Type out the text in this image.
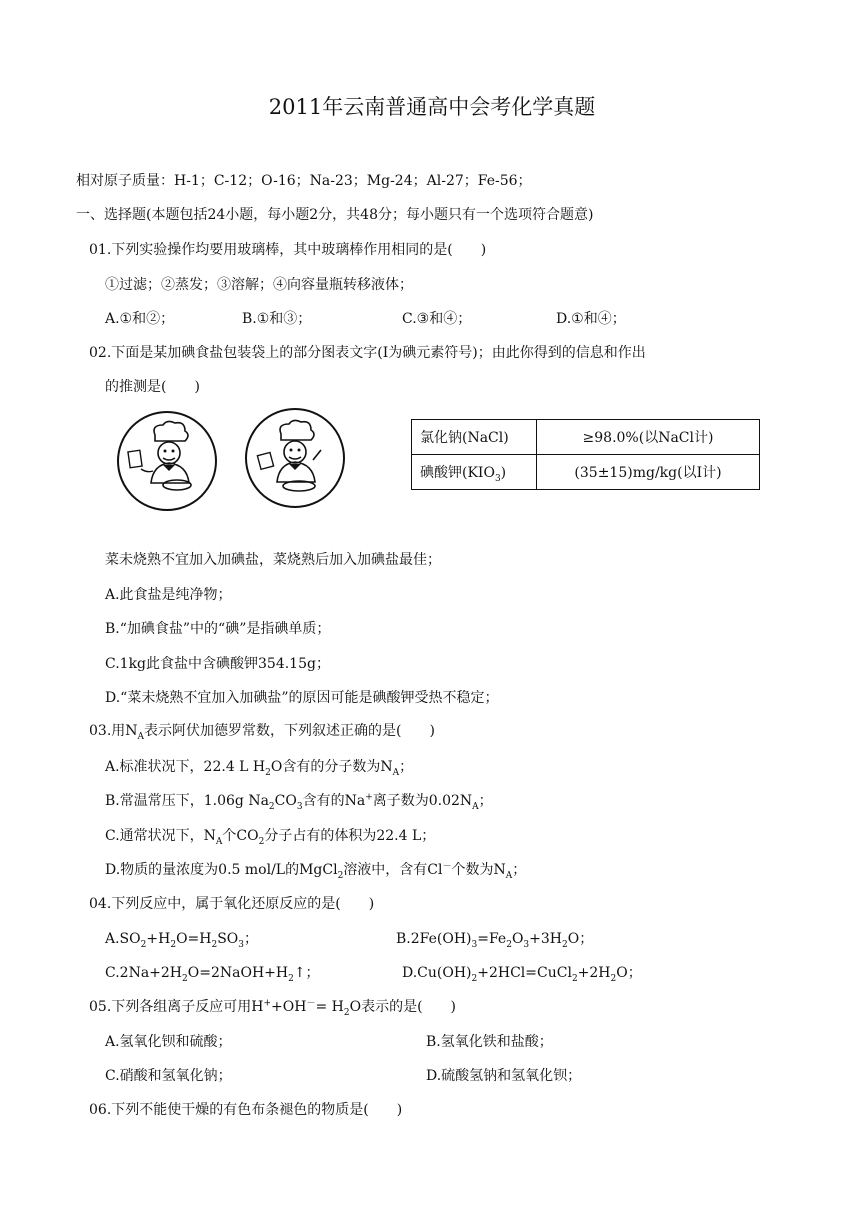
2011年云南普通高中会考化学真题
相对原子质量：H-1；C-12；O-16；Na-23；Mg-24；Al-27；Fe-56；
一、选择题(本题包括24小题，每小题2分，共48分；每小题只有一个选项符合题意)
01.下列实验操作均要用玻璃棒，其中玻璃棒作用相同的是(　　)
①过滤；②蒸发；③溶解；④向容量瓶转移液体；
A.①和②；	B.①和③；	C.③和④；	D.①和④；
02.下面是某加碘食盐包装袋上的部分图表文字(I为碘元素符号)；由此你得到的信息和作出
的推测是(　　)
氯化钠(NaCl)	≥98.0%(以NaCl计)
碘酸钾$(KIO_3)$	(35±15)mg/kg(以I计)
菜未烧熟不宜加入加碘盐，菜烧熟后加入加碘盐最佳；
A.此食盐是纯净物；
B.“加碘食盐”中的“碘”是指碘单质；
C.1kg此食盐中含碘酸钾354.15g；
D.“菜未烧熟不宜加入加碘盐”的原因可能是碘酸钾受热不稳定；
03.用$N_A$表示阿伏加德罗常数，下列叙述正确的是(　　)
A.标准状况下，22.4 L $H_2O$含有的分子数为$N_A$；
B.常温常压下，1.06g $Na_2CO_3$含有的Na+离子数为$0.02N_A$；
C.通常状况下，$N_A$个$CO_2$分子占有的体积为22.4 L；
D.物质的量浓度为0.5 mol/L的MgCl$_2$溶液中，含有Cl－个数为$N_A$；
04.下列反应中，属于氧化还原反应的是(　　)
$A.SO_2+H_2O=H_2SO_3$；	$B.2Fe(OH)_3=Fe_2O_3+3H_2O$；
$C.2Na+2H_2O=2NaOH+H_2↑$；	$D.Cu(OH)_2+2HCl=CuCl_2+2H_2O$；
05.下列各组离子反应可用$H^++OH^-= H_2O$表示的是(　　)
A.氢氧化钡和硫酸；	B.氢氧化铁和盐酸；
C.硝酸和氢氧化钠；	D.硫酸氢钠和氢氧化钡；
06.下列不能使干燥的有色布条褪色的物质是(　　)
